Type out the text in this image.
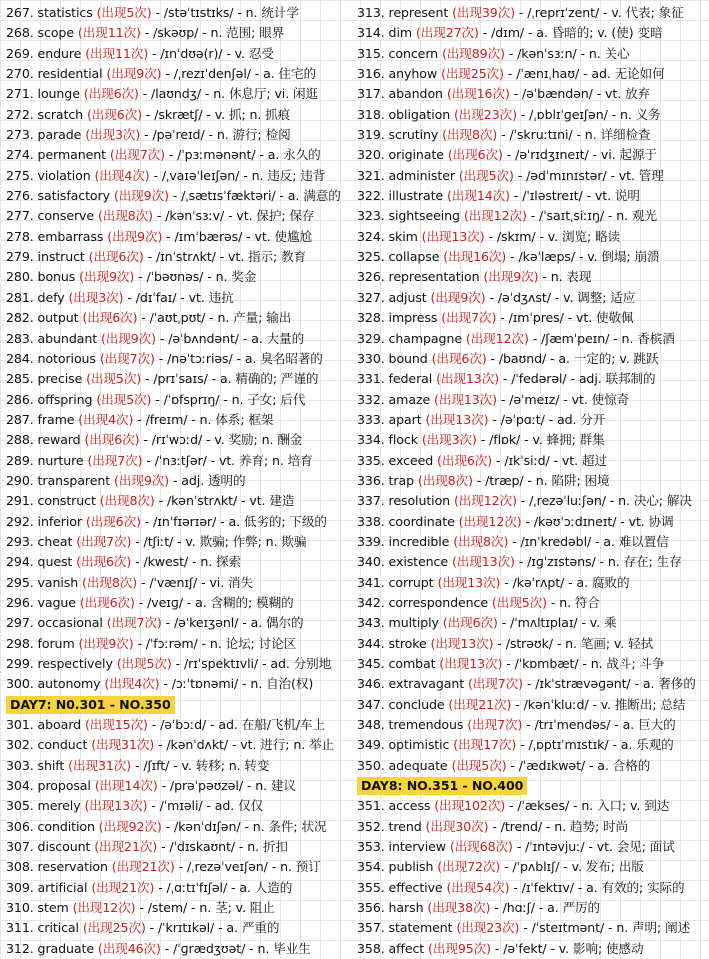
267. statistics (出现5次) - /stəˈtɪstɪks/ - n. 统计学
268. scope (出现11次) - /skəʊp/ - n. 范围; 眼界
269. endure (出现11次) - /ɪnˈdʊə(r)/ - v. 忍受
270. residential (出现9次) - /ˌrezɪˈdenʃəl/ - a. 住宅的
271. lounge (出现6次) - /laʊndʒ/ - n. 休息厅; vi. 闲逛
272. scratch (出现6次) - /skrætʃ/ - v. 抓; n. 抓痕
273. parade (出现3次) - /pəˈreɪd/ - n. 游行; 检阅
274. permanent (出现7次) - /ˈpɜːmənənt/ - a. 永久的
275. violation (出现4次) - /ˌvaɪəˈleɪʃən/ - n. 违反; 违背
276. satisfactory (出现9次) - /ˌsætɪsˈfæktəri/ - a. 满意的
277. conserve (出现8次) - /kənˈsɜːv/ - vt. 保护; 保存
278. embarrass (出现9次) - /ɪmˈbærəs/ - vt. 使尴尬
279. instruct (出现6次) - /ɪnˈstrʌkt/ - vt. 指示; 教育
280. bonus (出现9次) - /ˈbəʊnəs/ - n. 奖金
281. defy (出现3次) - /dɪˈfaɪ/ - vt. 违抗
282. output (出现6次) - /ˈaʊtˌpʊt/ - n. 产量; 输出
283. abundant (出现9次) - /əˈbʌndənt/ - a. 大量的
284. notorious (出现7次) - /nəˈtɔːriəs/ - a. 臭名昭著的
285. precise (出现5次) - /prɪˈsaɪs/ - a. 精确的; 严谨的
286. offspring (出现5次) - /ˈɒfsprɪŋ/ - n. 子女; 后代
287. frame (出现4次) - /freɪm/ - n. 体系; 框架
288. reward (出现6次) - /rɪˈwɔːd/ - v. 奖励; n. 酬金
289. nurture (出现7次) - /ˈnɜːtʃər/ - vt. 养育; n. 培育
290. transparent (出现9次) - adj. 透明的
291. construct (出现8次) - /kənˈstrʌkt/ - vt. 建造
292. inferior (出现6次) - /ɪnˈfɪərɪər/ - a. 低劣的; 下级的
293. cheat (出现7次) - /tʃiːt/ - v. 欺骗; 作弊; n. 欺骗
294. quest (出现6次) - /kwest/ - n. 探索
295. vanish (出现8次) - /ˈvænɪʃ/ - vi. 消失
296. vague (出现6次) - /veɪɡ/ - a. 含糊的; 模糊的
297. occasional (出现7次) - /əˈkeɪʒənl/ - a. 偶尔的
298. forum (出现9次) - /ˈfɔːrəm/ - n. 论坛; 讨论区
299. respectively (出现5次) - /rɪˈspektɪvli/ - ad. 分别地
300. autonomy (出现4次) - /ɔːˈtɒnəmi/ - n. 自治(权)
DAY7: N0.301 - NO.350
301. aboard (出现15次) - /əˈbɔːd/ - ad. 在船/飞机/车上
302. conduct (出现31次) - /kənˈdʌkt/ - vt. 进行; n. 举止
303. shift (出现31次) - /ʃɪft/ - v. 转移; n. 转变
304. proposal (出现14次) - /prəˈpəʊzəl/ - n. 建议
305. merely (出现13次) - /ˈmɪəli/ - ad. 仅仅
306. condition (出现92次) - /kənˈdɪʃən/ - n. 条件; 状况
307. discount (出现21次) - /ˈdɪskaʊnt/ - n. 折扣
308. reservation (出现21次) - /ˌrezəˈveɪʃən/ - n. 预订
309. artificial (出现21次) - /ˌɑːtɪˈfɪʃəl/ - a. 人造的
310. stem (出现12次) - /stem/ - n. 茎; v. 阻止
311. critical (出现25次) - /ˈkrɪtɪkəl/ - a. 严重的
312. graduate (出现46次) - /ˈɡrædʒʊət/ - n. 毕业生
313. represent (出现39次) - /ˌreprɪˈzent/ - v. 代表; 象征
314. dim (出现27次) - /dɪm/ - a. 昏暗的; v. (使) 变暗
315. concern (出现89次) - /kənˈsɜːn/ - n. 关心
316. anyhow (出现25次) - /ˈænɪˌhaʊ/ - ad. 无论如何
317. abandon (出现16次) - /əˈbændən/ - vt. 放弃
318. obligation (出现23次) - /ˌɒblɪˈɡeɪʃən/ - n. 义务
319. scrutiny (出现8次) - /ˈskruːtɪni/ - n. 详细检查
320. originate (出现6次) - /əˈrɪdʒɪneɪt/ - vi. 起源于
321. administer (出现5次) - /ədˈmɪnɪstər/ - vt. 管理
322. illustrate (出现14次) - /ˈɪləstreɪt/ - vt. 说明
323. sightseeing (出现12次) - /ˈsaɪtˌsiːɪŋ/ - n. 观光
324. skim (出现13次) - /skɪm/ - v. 浏览; 略读
325. collapse (出现16次) - /kəˈlæps/ - v. 倒塌; 崩溃
326. representation (出现9次) - n. 表现
327. adjust (出现9次) - /əˈdʒʌst/ - v. 调整; 适应
328. impress (出现7次) - /ɪmˈpres/ - vt. 使敬佩
329. champagne (出现12次) - /ʃæmˈpeɪn/ - n. 香槟酒
330. bound (出现6次) - /baʊnd/ - a. 一定的; v. 跳跃
331. federal (出现13次) - /ˈfedərəl/ - adj. 联邦制的
332. amaze (出现13次) - /əˈmeɪz/ - vt. 使惊奇
333. apart (出现13次) - /əˈpɑːt/ - ad. 分开
334. flock (出现3次) - /flɒk/ - v. 蜂拥; 群集
335. exceed (出现6次) - /ɪkˈsiːd/ - vt. 超过
336. trap (出现8次) - /træp/ - n. 陷阱; 困境
337. resolution (出现12次) - /ˌrezəˈluːʃən/ - n. 决心; 解决
338. coordinate (出现12次) - /kəʊˈɔːdɪneɪt/ - vt. 协调
339. incredible (出现8次) - /ɪnˈkredəbl/ - a. 难以置信
340. existence (出现13次) - /ɪɡˈzɪstəns/ - n. 存在; 生存
341. corrupt (出现13次) - /kəˈrʌpt/ - a. 腐败的
342. correspondence (出现5次) - n. 符合
343. multiply (出现6次) - /ˈmʌltɪplaɪ/ - v. 乘
344. stroke (出现13次) - /strəʊk/ - n. 笔画; v. 轻拭
345. combat (出现13次) - /ˈkɒmbæt/ - n. 战斗; 斗争
346. extravagant (出现7次) - /ɪkˈstrævəɡənt/ - a. 奢侈的
347. conclude (出现21次) - /kənˈkluːd/ - v. 推断出; 总结
348. tremendous (出现7次) - /trɪˈmendəs/ - a. 巨大的
349. optimistic (出现17次) - /ˌɒptɪˈmɪstɪk/ - a. 乐观的
350. adequate (出现5次) - /ˈædɪkwət/ - a. 合格的
DAY8: NO.351 - NO.400
351. access (出现102次) - /ˈækses/ - n. 入口; v. 到达
352. trend (出现30次) - /trend/ - n. 趋势; 时尚
353. interview (出现68次) - /ˈɪntəvjuː/ - vt. 会见; 面试
354. publish (出现72次) - /ˈpʌblɪʃ/ - v. 发布; 出版
355. effective (出现54次) - /ɪˈfektɪv/ - a. 有效的; 实际的
356. harsh (出现38次) - /hɑːʃ/ - a. 严厉的
357. statement (出现23次) - /ˈsteɪtmənt/ - n. 声明; 阐述
358. affect (出现95次) - /əˈfekt/ - v. 影响; 使感动
